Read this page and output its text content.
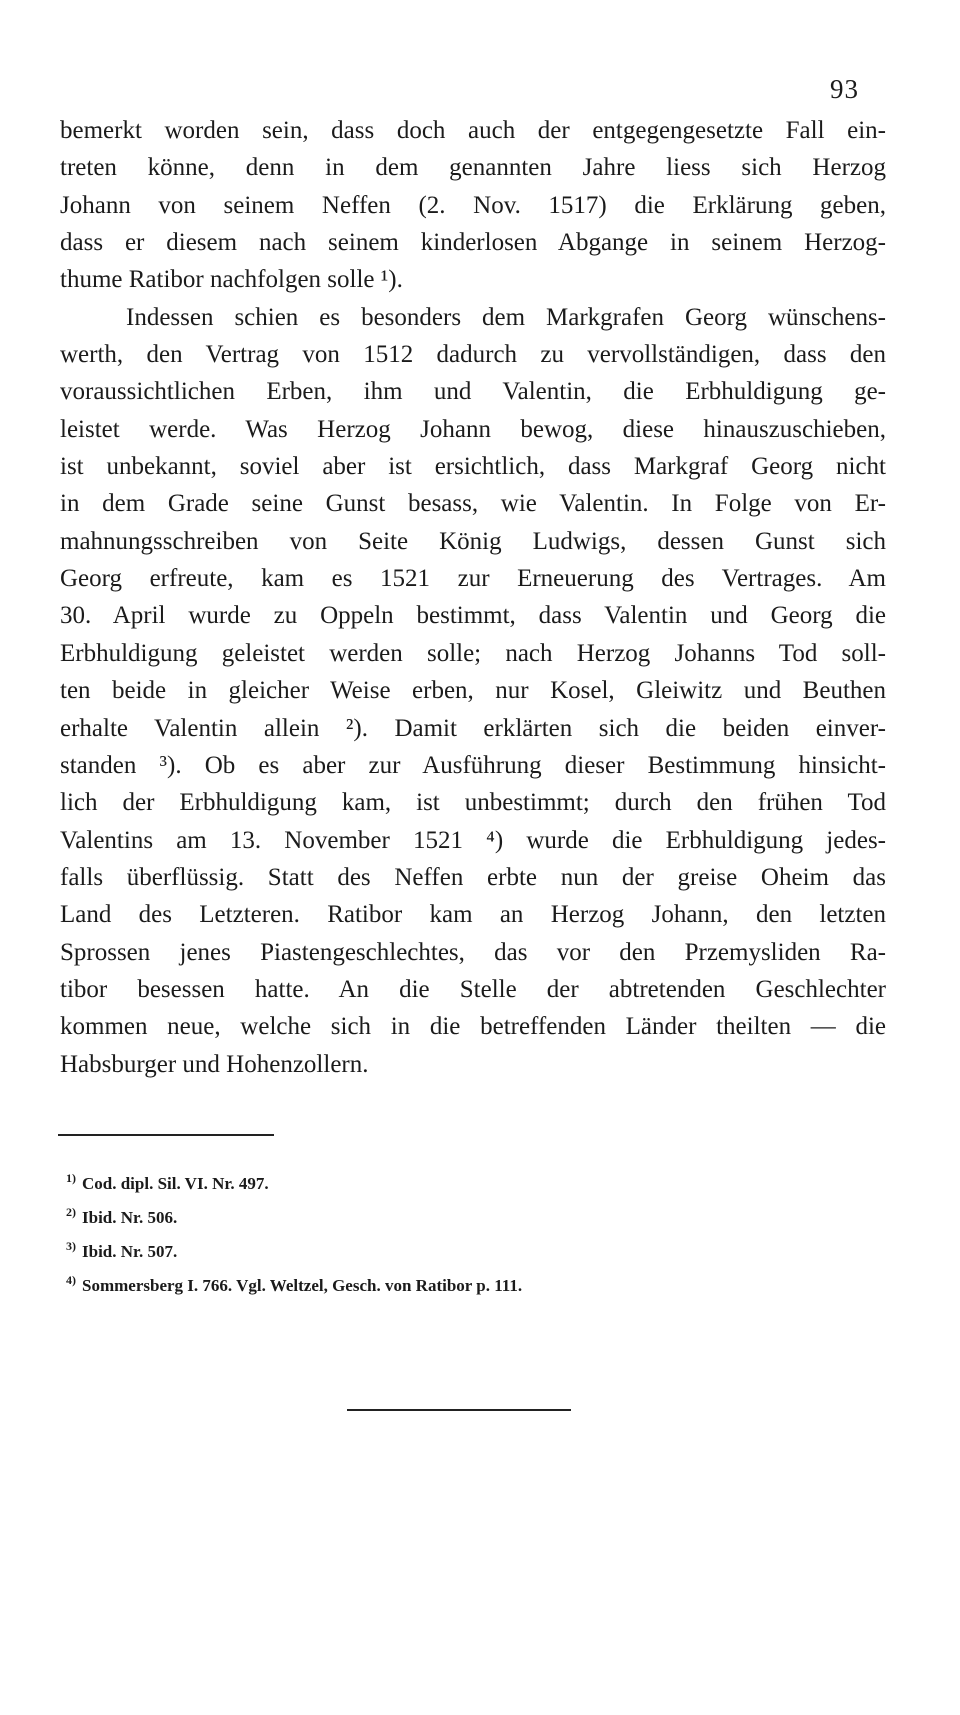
93
bemerkt worden sein, dass doch auch der entgegengesetzte Fall ein-
treten könne, denn in dem genannten Jahre liess sich Herzog
Johann von seinem Neffen (2. Nov. 1517) die Erklärung geben,
dass er diesem nach seinem kinderlosen Abgange in seinem Herzog-
thume Ratibor nachfolgen solle ¹).
Indessen schien es besonders dem Markgrafen Georg wünschens-
werth, den Vertrag von 1512 dadurch zu vervollständigen, dass den
voraussichtlichen Erben, ihm und Valentin, die Erbhuldigung ge-
leistet werde. Was Herzog Johann bewog, diese hinauszuschieben,
ist unbekannt, soviel aber ist ersichtlich, dass Markgraf Georg nicht
in dem Grade seine Gunst besass, wie Valentin. In Folge von Er-
mahnungsschreiben von Seite König Ludwigs, dessen Gunst sich
Georg erfreute, kam es 1521 zur Erneuerung des Vertrages. Am
30. April wurde zu Oppeln bestimmt, dass Valentin und Georg die
Erbhuldigung geleistet werden solle; nach Herzog Johanns Tod soll-
ten beide in gleicher Weise erben, nur Kosel, Gleiwitz und Beuthen
erhalte Valentin allein ²). Damit erklärten sich die beiden einver-
standen ³). Ob es aber zur Ausführung dieser Bestimmung hinsicht-
lich der Erbhuldigung kam, ist unbestimmt; durch den frühen Tod
Valentins am 13. November 1521 ⁴) wurde die Erbhuldigung jedes-
falls überflüssig. Statt des Neffen erbte nun der greise Oheim das
Land des Letzteren. Ratibor kam an Herzog Johann, den letzten
Sprossen jenes Piastengeschlechtes, das vor den Przemysliden Ra-
tibor besessen hatte. An die Stelle der abtretenden Geschlechter
kommen neue, welche sich in die betreffenden Länder theilten — die
Habsburger und Hohenzollern.
$^{1)}$ Cod. dipl. Sil. VI. Nr. 497.
$^{2)}$ Ibid. Nr. 506.
$^{3)}$ Ibid. Nr. 507.
$^{4)}$ Sommersberg I. 766. Vgl. Weltzel, Gesch. von Ratibor p. 111.
